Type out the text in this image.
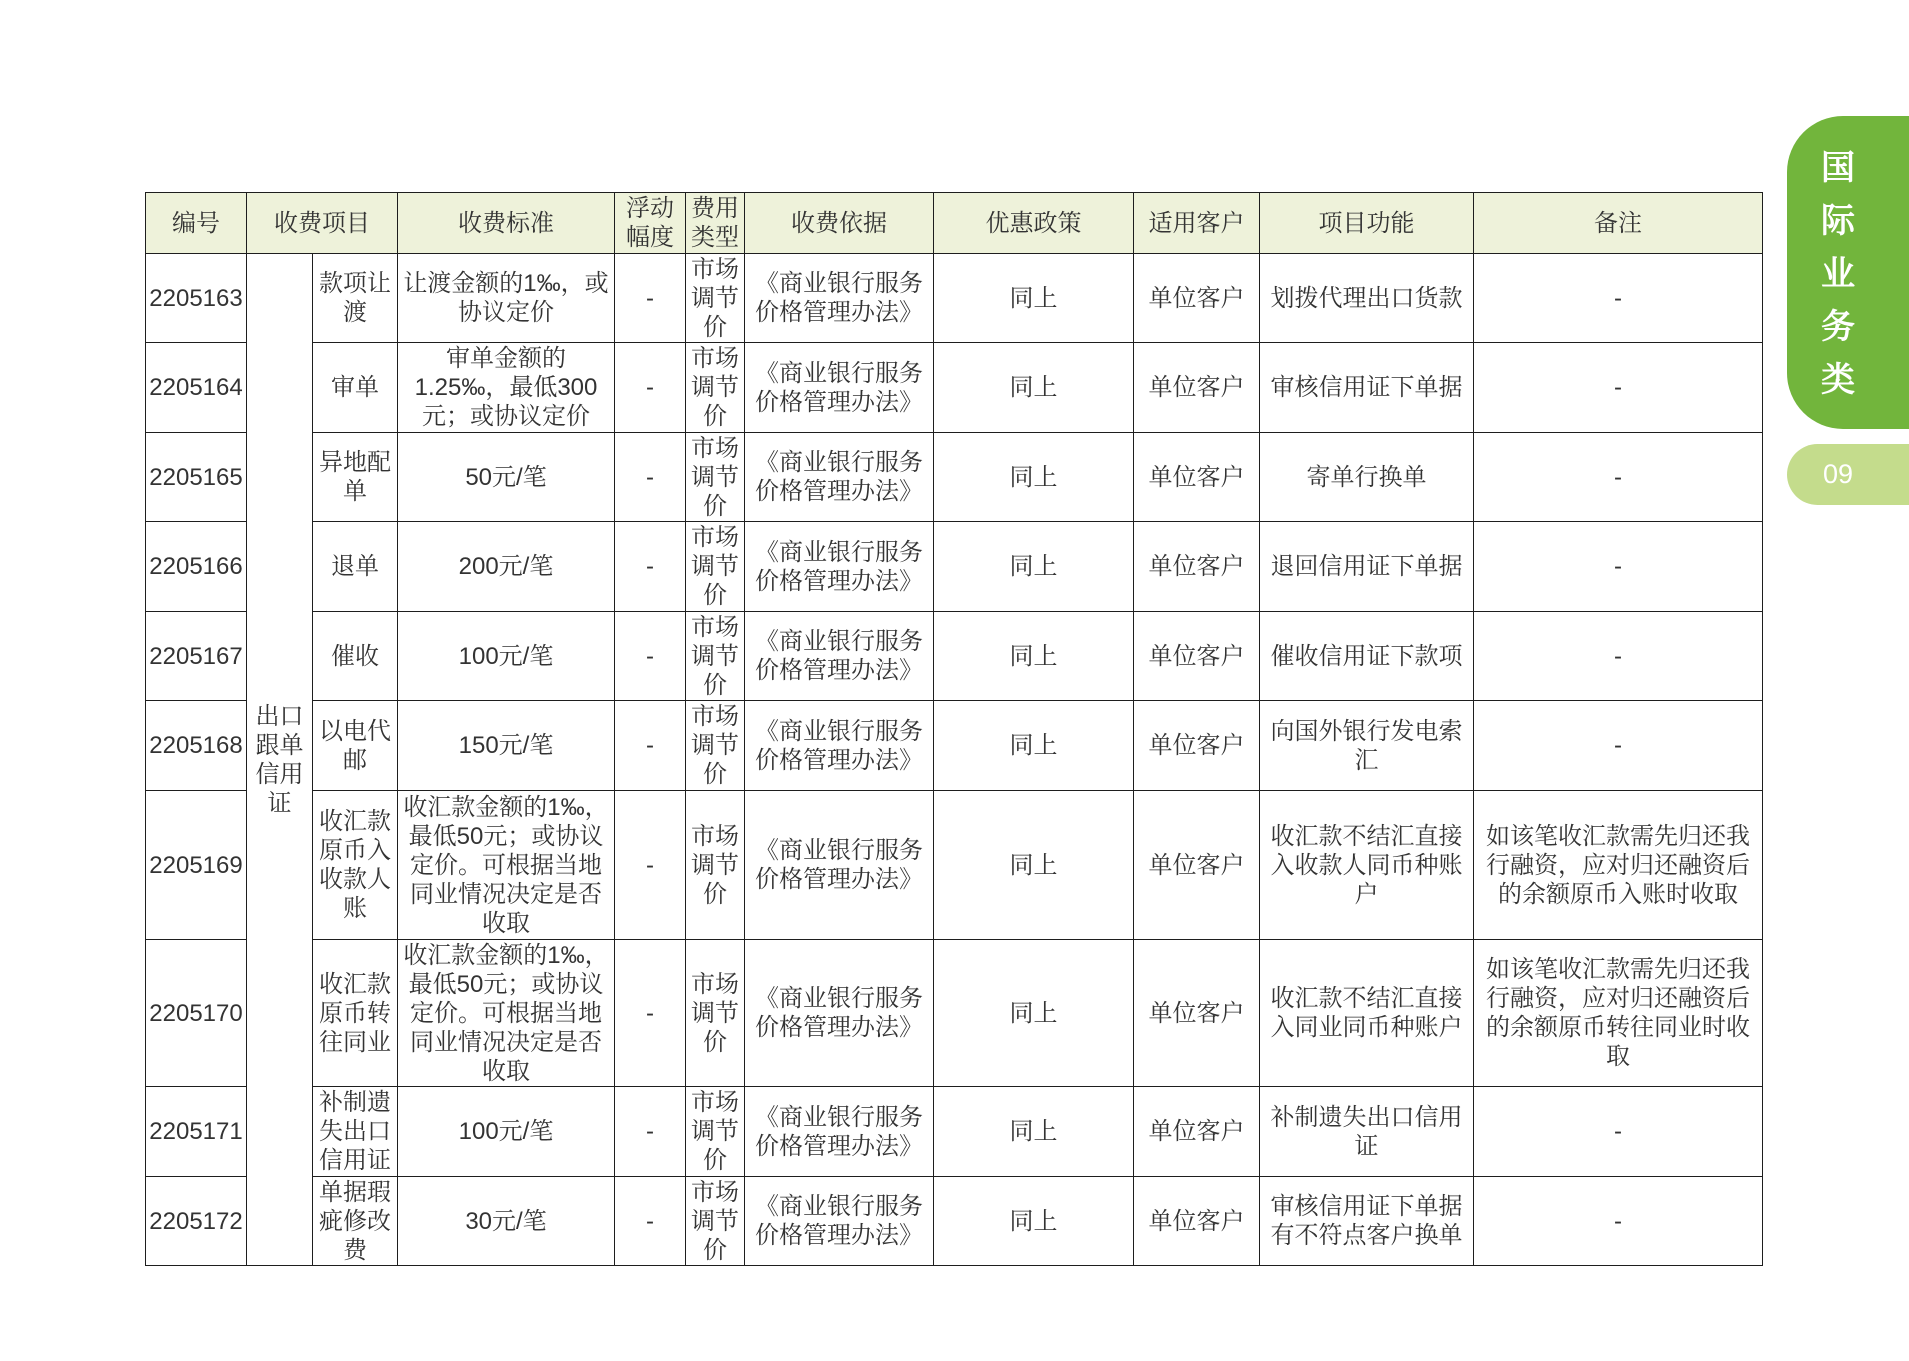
编号	收费项目		收费标准	浮动幅度	费用类型	收费依据	优惠政策	适用客户	项目功能	备注
2205163	出口跟单信用证	款项让渡	让渡金额的1‰，或协议定价	-	市场调节价	《商业银行服务价格管理办法》	同上	单位客户	划拨代理出口货款	-
2205164		审单	审单金额的1.25‰，最低300元；或协议定价	-	市场调节价	《商业银行服务价格管理办法》	同上	单位客户	审核信用证下单据	-
2205165		异地配单	50元/笔	-	市场调节价	《商业银行服务价格管理办法》	同上	单位客户	寄单行换单	-
2205166		退单	200元/笔	-	市场调节价	《商业银行服务价格管理办法》	同上	单位客户	退回信用证下单据	-
2205167		催收	100元/笔	-	市场调节价	《商业银行服务价格管理办法》	同上	单位客户	催收信用证下款项	-
2205168		以电代邮	150元/笔	-	市场调节价	《商业银行服务价格管理办法》	同上	单位客户	向国外银行发电索汇	-
2205169		收汇款原币入收款人账	收汇款金额的1‰，最低50元；或协议定价。可根据当地同业情况决定是否收取	-	市场调节价	《商业银行服务价格管理办法》	同上	单位客户	收汇款不结汇直接入收款人同币种账户	如该笔收汇款需先归还我行融资，应对归还融资后的余额原币入账时收取
2205170		收汇款原币转往同业	收汇款金额的1‰，最低50元；或协议定价。可根据当地同业情况决定是否收取	-	市场调节价	《商业银行服务价格管理办法》	同上	单位客户	收汇款不结汇直接入同业同币种账户	如该笔收汇款需先归还我行融资，应对归还融资后的余额原币转往同业时收取
2205171		补制遗失出口信用证	100元/笔	-	市场调节价	《商业银行服务价格管理办法》	同上	单位客户	补制遗失出口信用证	-
2205172		单据瑕疵修改费	30元/笔	-	市场调节价	《商业银行服务价格管理办法》	同上	单位客户	审核信用证下单据有不符点客户换单	-
国际业务类
09
